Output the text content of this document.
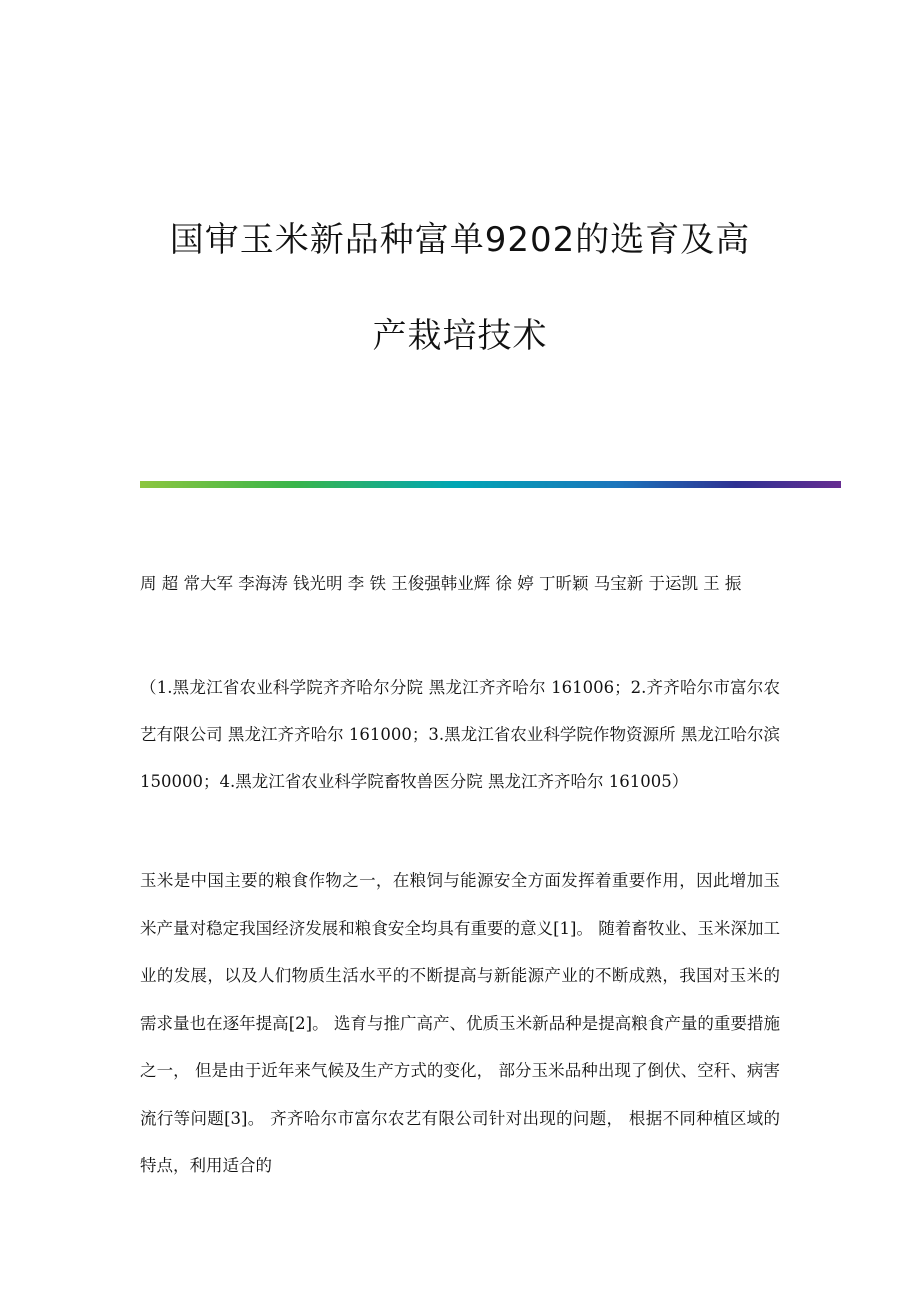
国审玉米新品种富单9202的选育及高
产栽培技术

周 超 常大军 李海涛 钱光明 李 铁 王俊强韩业辉 徐 婷 丁昕颖 马宝新 于运凯 王 振

（1.黑龙江省农业科学院齐齐哈尔分院 黑龙江齐齐哈尔 161006；2.齐齐哈尔市富尔农艺有限公司 黑龙江齐齐哈尔 161000；3.黑龙江省农业科学院作物资源所 黑龙江哈尔滨 150000；4.黑龙江省农业科学院畜牧兽医分院 黑龙江齐齐哈尔 161005）

玉米是中国主要的粮食作物之一，在粮饲与能源安全方面发挥着重要作用，因此增加玉米产量对稳定我国经济发展和粮食安全均具有重要的意义[1]。 随着畜牧业、玉米深加工业的发展，以及人们物质生活水平的不断提高与新能源产业的不断成熟，我国对玉米的需求量也在逐年提高[2]。 选育与推广高产、优质玉米新品种是提高粮食产量的重要措施之一， 但是由于近年来气候及生产方式的变化， 部分玉米品种出现了倒伏、空秆、病害流行等问题[3]。 齐齐哈尔市富尔农艺有限公司针对出现的问题， 根据不同种植区域的特点，利用适合的
